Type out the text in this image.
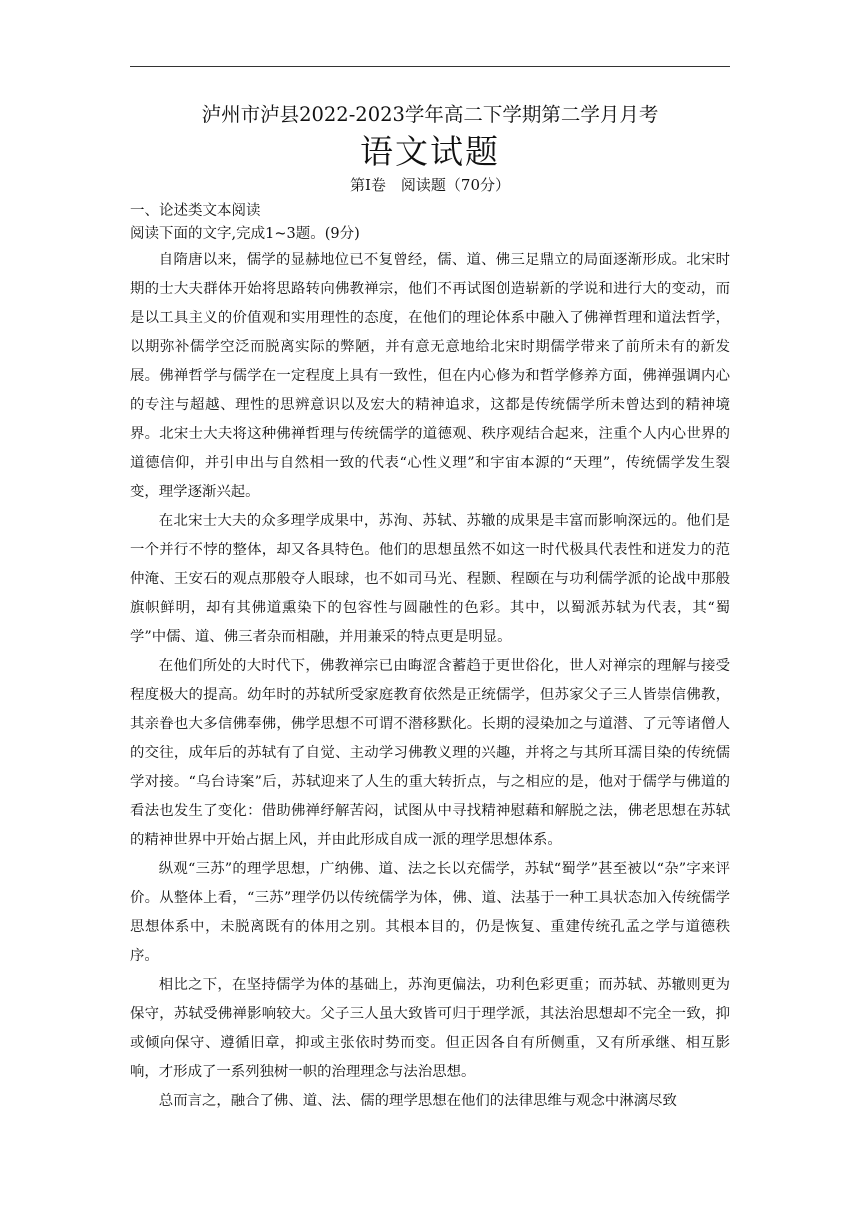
泸州市泸县2022-2023学年高二下学期第二学月月考

语文试题

第Ⅰ卷　阅读题（70分）

一、论述类文本阅读

阅读下面的文字,完成1~3题。(9分)

自隋唐以来，儒学的显赫地位已不复曾经，儒、道、佛三足鼎立的局面逐渐形成。北宋时期的士大夫群体开始将思路转向佛教禅宗，他们不再试图创造崭新的学说和进行大的变动，而是以工具主义的价值观和实用理性的态度，在他们的理论体系中融入了佛禅哲理和道法哲学，以期弥补儒学空泛而脱离实际的弊陋，并有意无意地给北宋时期儒学带来了前所未有的新发展。佛禅哲学与儒学在一定程度上具有一致性，但在内心修为和哲学修养方面，佛禅强调内心的专注与超越、理性的思辨意识以及宏大的精神追求，这都是传统儒学所未曾达到的精神境界。北宋士大夫将这种佛禅哲理与传统儒学的道德观、秩序观结合起来，注重个人内心世界的道德信仰，并引申出与自然相一致的代表“心性义理”和宇宙本源的“天理”，传统儒学发生裂变，理学逐渐兴起。

在北宋士大夫的众多理学成果中，苏洵、苏轼、苏辙的成果是丰富而影响深远的。他们是一个并行不悖的整体，却又各具特色。他们的思想虽然不如这一时代极具代表性和迸发力的范仲淹、王安石的观点那般夺人眼球，也不如司马光、程颢、程颐在与功利儒学派的论战中那般旗帜鲜明，却有其佛道熏染下的包容性与圆融性的色彩。其中，以蜀派苏轼为代表，其“蜀学”中儒、道、佛三者杂而相融，并用兼采的特点更是明显。

在他们所处的大时代下，佛教禅宗已由晦涩含蓄趋于更世俗化，世人对禅宗的理解与接受程度极大的提高。幼年时的苏轼所受家庭教育依然是正统儒学，但苏家父子三人皆崇信佛教，其亲眷也大多信佛奉佛，佛学思想不可谓不潜移默化。长期的浸染加之与道潜、了元等诸僧人的交往，成年后的苏轼有了自觉、主动学习佛教义理的兴趣，并将之与其所耳濡目染的传统儒学对接。“乌台诗案”后，苏轼迎来了人生的重大转折点，与之相应的是，他对于儒学与佛道的看法也发生了变化：借助佛禅纾解苦闷，试图从中寻找精神慰藉和解脱之法，佛老思想在苏轼的精神世界中开始占据上风，并由此形成自成一派的理学思想体系。

纵观“三苏”的理学思想，广纳佛、道、法之长以充儒学，苏轼“蜀学”甚至被以“杂”字来评价。从整体上看，“三苏”理学仍以传统儒学为体，佛、道、法基于一种工具状态加入传统儒学思想体系中，未脱离既有的体用之别。其根本目的，仍是恢复、重建传统孔孟之学与道德秩序。

相比之下，在坚持儒学为体的基础上，苏洵更偏法，功利色彩更重；而苏轼、苏辙则更为保守，苏轼受佛禅影响较大。父子三人虽大致皆可归于理学派，其法治思想却不完全一致，抑或倾向保守、遵循旧章，抑或主张依时势而变。但正因各自有所侧重，又有所承继、相互影响，才形成了一系列独树一帜的治理理念与法治思想。

总而言之，融合了佛、道、法、儒的理学思想在他们的法律思维与观念中淋漓尽致
